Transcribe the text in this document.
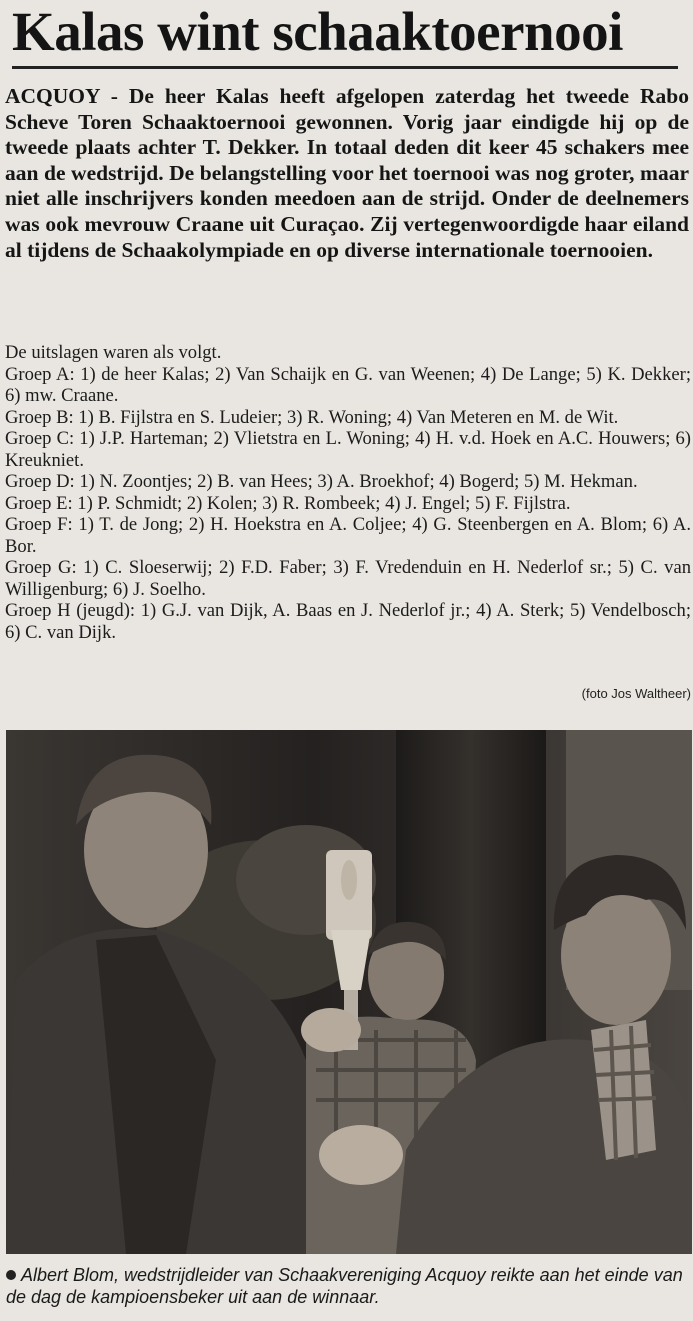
Kalas wint schaaktoernooi
ACQUOY - De heer Kalas heeft afgelopen zaterdag het tweede Rabo Scheve Toren Schaaktoernooi gewonnen. Vorig jaar eindigde hij op de tweede plaats achter T. Dekker. In totaal deden dit keer 45 schakers mee aan de wedstrijd. De belangstelling voor het toernooi was nog groter, maar niet alle inschrijvers konden meedoen aan de strijd. Onder de deelnemers was ook mevrouw Craane uit Curaçao. Zij vertegenwoordigde haar eiland al tijdens de Schaakolympiade en op diverse internationale toernooien.

De uitslagen waren als volgt.

Groep A: 1) de heer Kalas; 2) Van Schaijk en G. van Weenen; 4) De Lange; 5) K. Dekker; 6) mw. Craane.

Groep B: 1) B. Fijlstra en S. Ludeier; 3) R. Woning; 4) Van Meteren en M. de Wit.

Groep C: 1) J.P. Harteman; 2) Vlietstra en L. Woning; 4) H. v.d. Hoek en A.C. Houwers; 6) Kreukniet.

Groep D: 1) N. Zoontjes; 2) B. van Hees; 3) A. Broekhof; 4) Bogerd; 5) M. Hekman.

Groep E: 1) P. Schmidt; 2) Kolen; 3) R. Rombeek; 4) J. Engel; 5) F. Fijlstra.

Groep F: 1) T. de Jong; 2) H. Hoekstra en A. Coljee; 4) G. Steenbergen en A. Blom; 6) A. Bor.

Groep G: 1) C. Sloeserwij; 2) F.D. Faber; 3) F. Vredenduin en H. Nederlof sr.; 5) C. van Willigenburg; 6) J. Soelho.

Groep H (jeugd): 1) G.J. van Dijk, A. Baas en J. Nederlof jr.; 4) A. Sterk; 5) Vendelbosch; 6) C. van Dijk.

(foto Jos Waltheer)
Albert Blom, wedstrijdleider van Schaakvereniging Acquoy reikte aan het einde van de dag de kampioensbeker uit aan de winnaar.
